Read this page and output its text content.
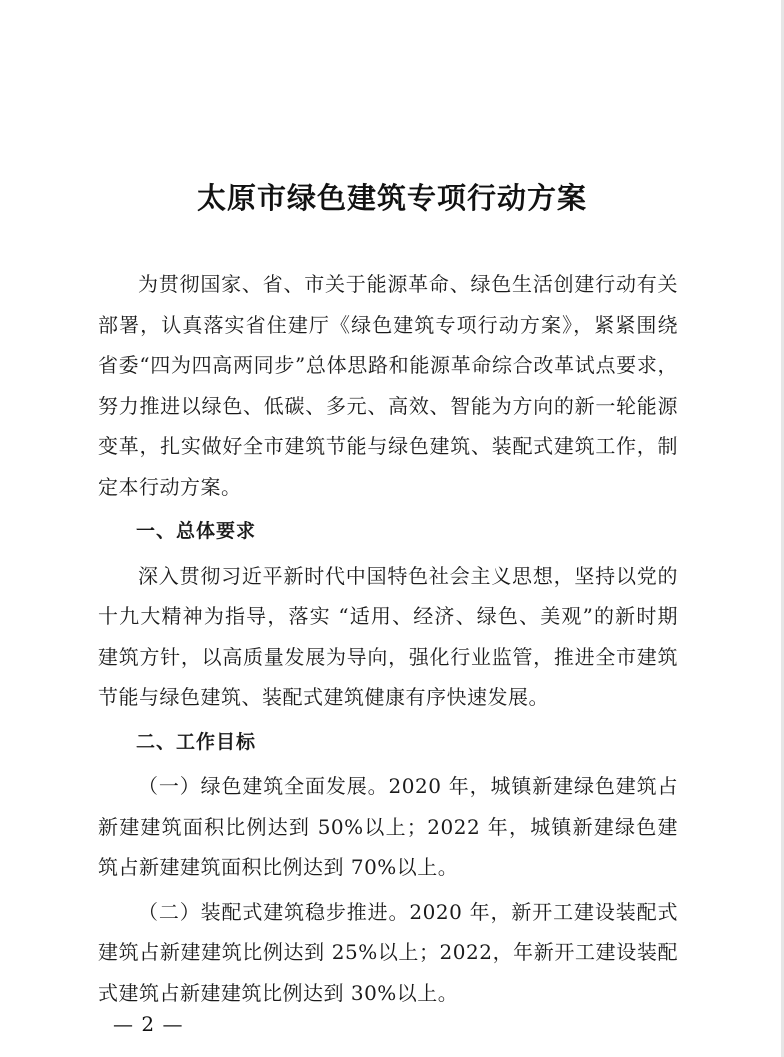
太原市绿色建筑专项行动方案

为贯彻国家、省、市关于能源革命、绿色生活创建行动有关部署，认真落实省住建厅《绿色建筑专项行动方案》，紧紧围绕省委“四为四高两同步”总体思路和能源革命综合改革试点要求，努力推进以绿色、低碳、多元、高效、智能为方向的新一轮能源变革，扎实做好全市建筑节能与绿色建筑、装配式建筑工作，制定本行动方案。

一、总体要求

深入贯彻习近平新时代中国特色社会主义思想，坚持以党的十九大精神为指导，落实 “适用、经济、绿色、美观”的新时期建筑方针，以高质量发展为导向，强化行业监管，推进全市建筑节能与绿色建筑、装配式建筑健康有序快速发展。

二、工作目标

（一）绿色建筑全面发展。2020 年，城镇新建绿色建筑占新建建筑面积比例达到 50%以上；2022 年，城镇新建绿色建筑占新建建筑面积比例达到 70%以上。

（二）装配式建筑稳步推进。2020 年，新开工建设装配式建筑占新建建筑比例达到 25%以上；2022，年新开工建设装配式建筑占新建建筑比例达到 30%以上。

— 2 —
